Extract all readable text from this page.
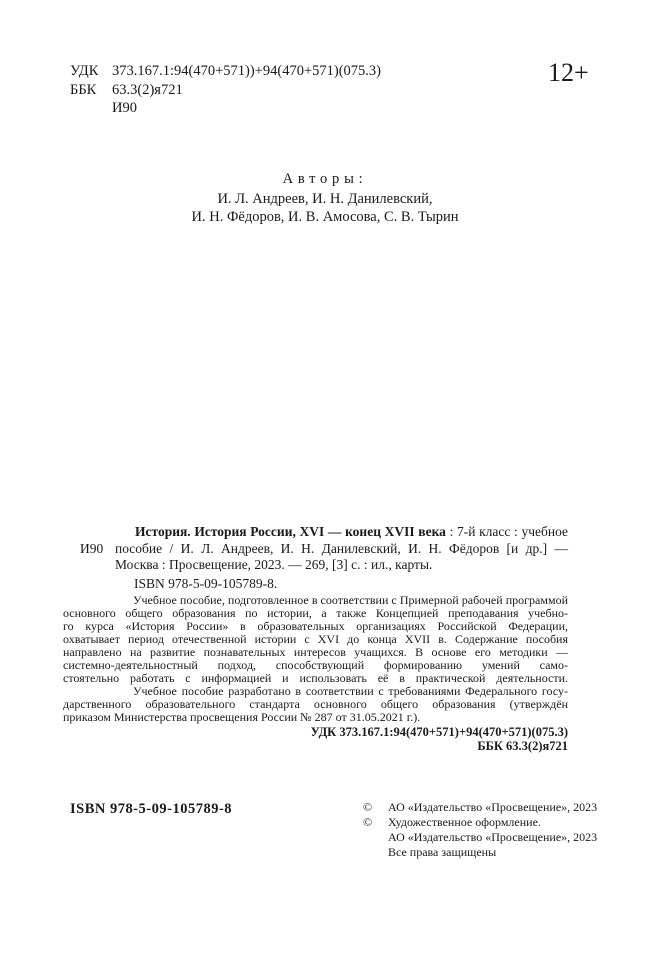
УДК 373.167.1:94(470+571))+94(470+571)(075.3)
ББК	63.3(2)я721
И90
12+
Авторы:
И. Л. Андреев, И. Н. Данилевский,
И. Н. Фёдоров, И. В. Амосова, С. В. Тырин
И90
История. История России, XVI — конец XVII века : 7-й класс : учебное
пособие / И. Л. Андреев, И. Н. Данилевский, И. Н. Фёдоров [и др.] —
Москва : Просвещение, 2023. — 269, [3] с. : ил., карты.
ISBN 978-5-09-105789-8.
Учебное пособие, подготовленное в соответствии с Примерной рабочей программой
основного общего образования по истории, а также Концепцией преподавания учебно-
го курса «История России» в образовательных организациях Российской Федерации,
охватывает период отечественной истории с XVI до конца XVII в. Содержание пособия
направлено на развитие познавательных интересов учащихся. В основе его методики —
системно-деятельностный подход, способствующий формированию умений само-
стоятельно работать с информацией и использовать её в практической деятельности.
Учебное пособие разработано в соответствии с требованиями Федерального госу-
дарственного образовательного стандарта основного общего образования (утверждён
приказом Министерства просвещения России № 287 от 31.05.2021 г.).
УДК 373.167.1:94(470+571)+94(470+571)(075.3)
ББК 63.3(2)я721
ISBN 978-5-09-105789-8	©	АО «Издательство «Просвещение», 2023
©	Художественное оформление.
АО «Издательство «Просвещение», 2023
Все права защищены
